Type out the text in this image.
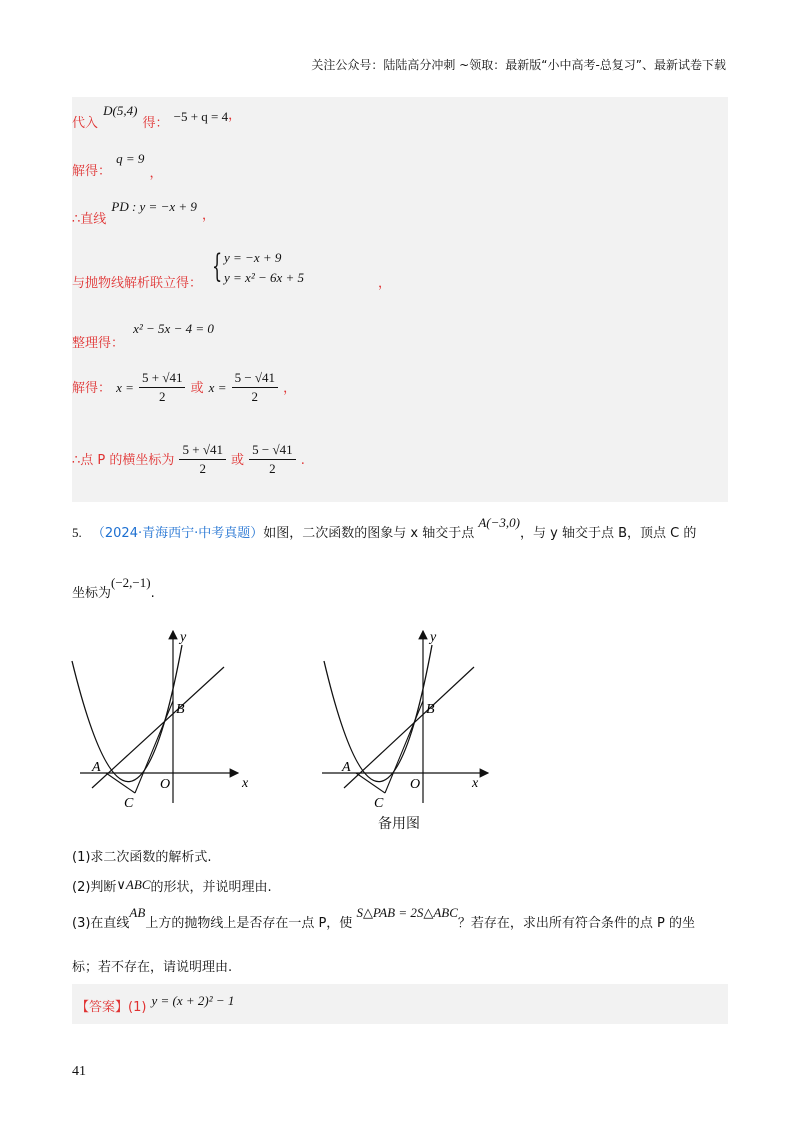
关注公众号：陆陆高分冲刺 ~领取：最新版“小中高考-总复习”、最新试卷下载
$_{代入}$ $^{D(5,4)}$ $_{得:}$ −5 + q = 4，
$_{解得:}$ q = 9 $_,$
$_{\therefore 直线}$ PD : y = −x + 9 $_,$
与抛物线解析联立得： { y = −x + 9
y = x² − 6x + 5	，
$_{整理得:}$ x² − 5x − 4 = 0
解得： $x = \frac{5 + √41}{2}$ 或 $x = \frac{5 - √41}{2}$ ，
∴点 P 的横坐标为 $\frac{5 + √41}{2}$ 或 $\frac{5 - √41}{2}$ .
5. （2024·青海西宁·中考真题）如图，二次函数的图象与 x 轴交于点 A(−3,0)，与 y 轴交于点 B，顶点 C 的
坐标为(−2,−1).
x
y
A
B
C
O	x
y
A
B
C
O
备用图
(1)求二次函数的解析式.
(2)判断∨ABC的形状，并说明理由.
(3)在直线AB上方的抛物线上是否存在一点 P，使 S△PAB = 2S△ABC？若存在，求出所有符合条件的点 P 的坐
标；若不存在，请说明理由.
$_{【答案】(1)}$ y = (x + 2)² − 1
41
